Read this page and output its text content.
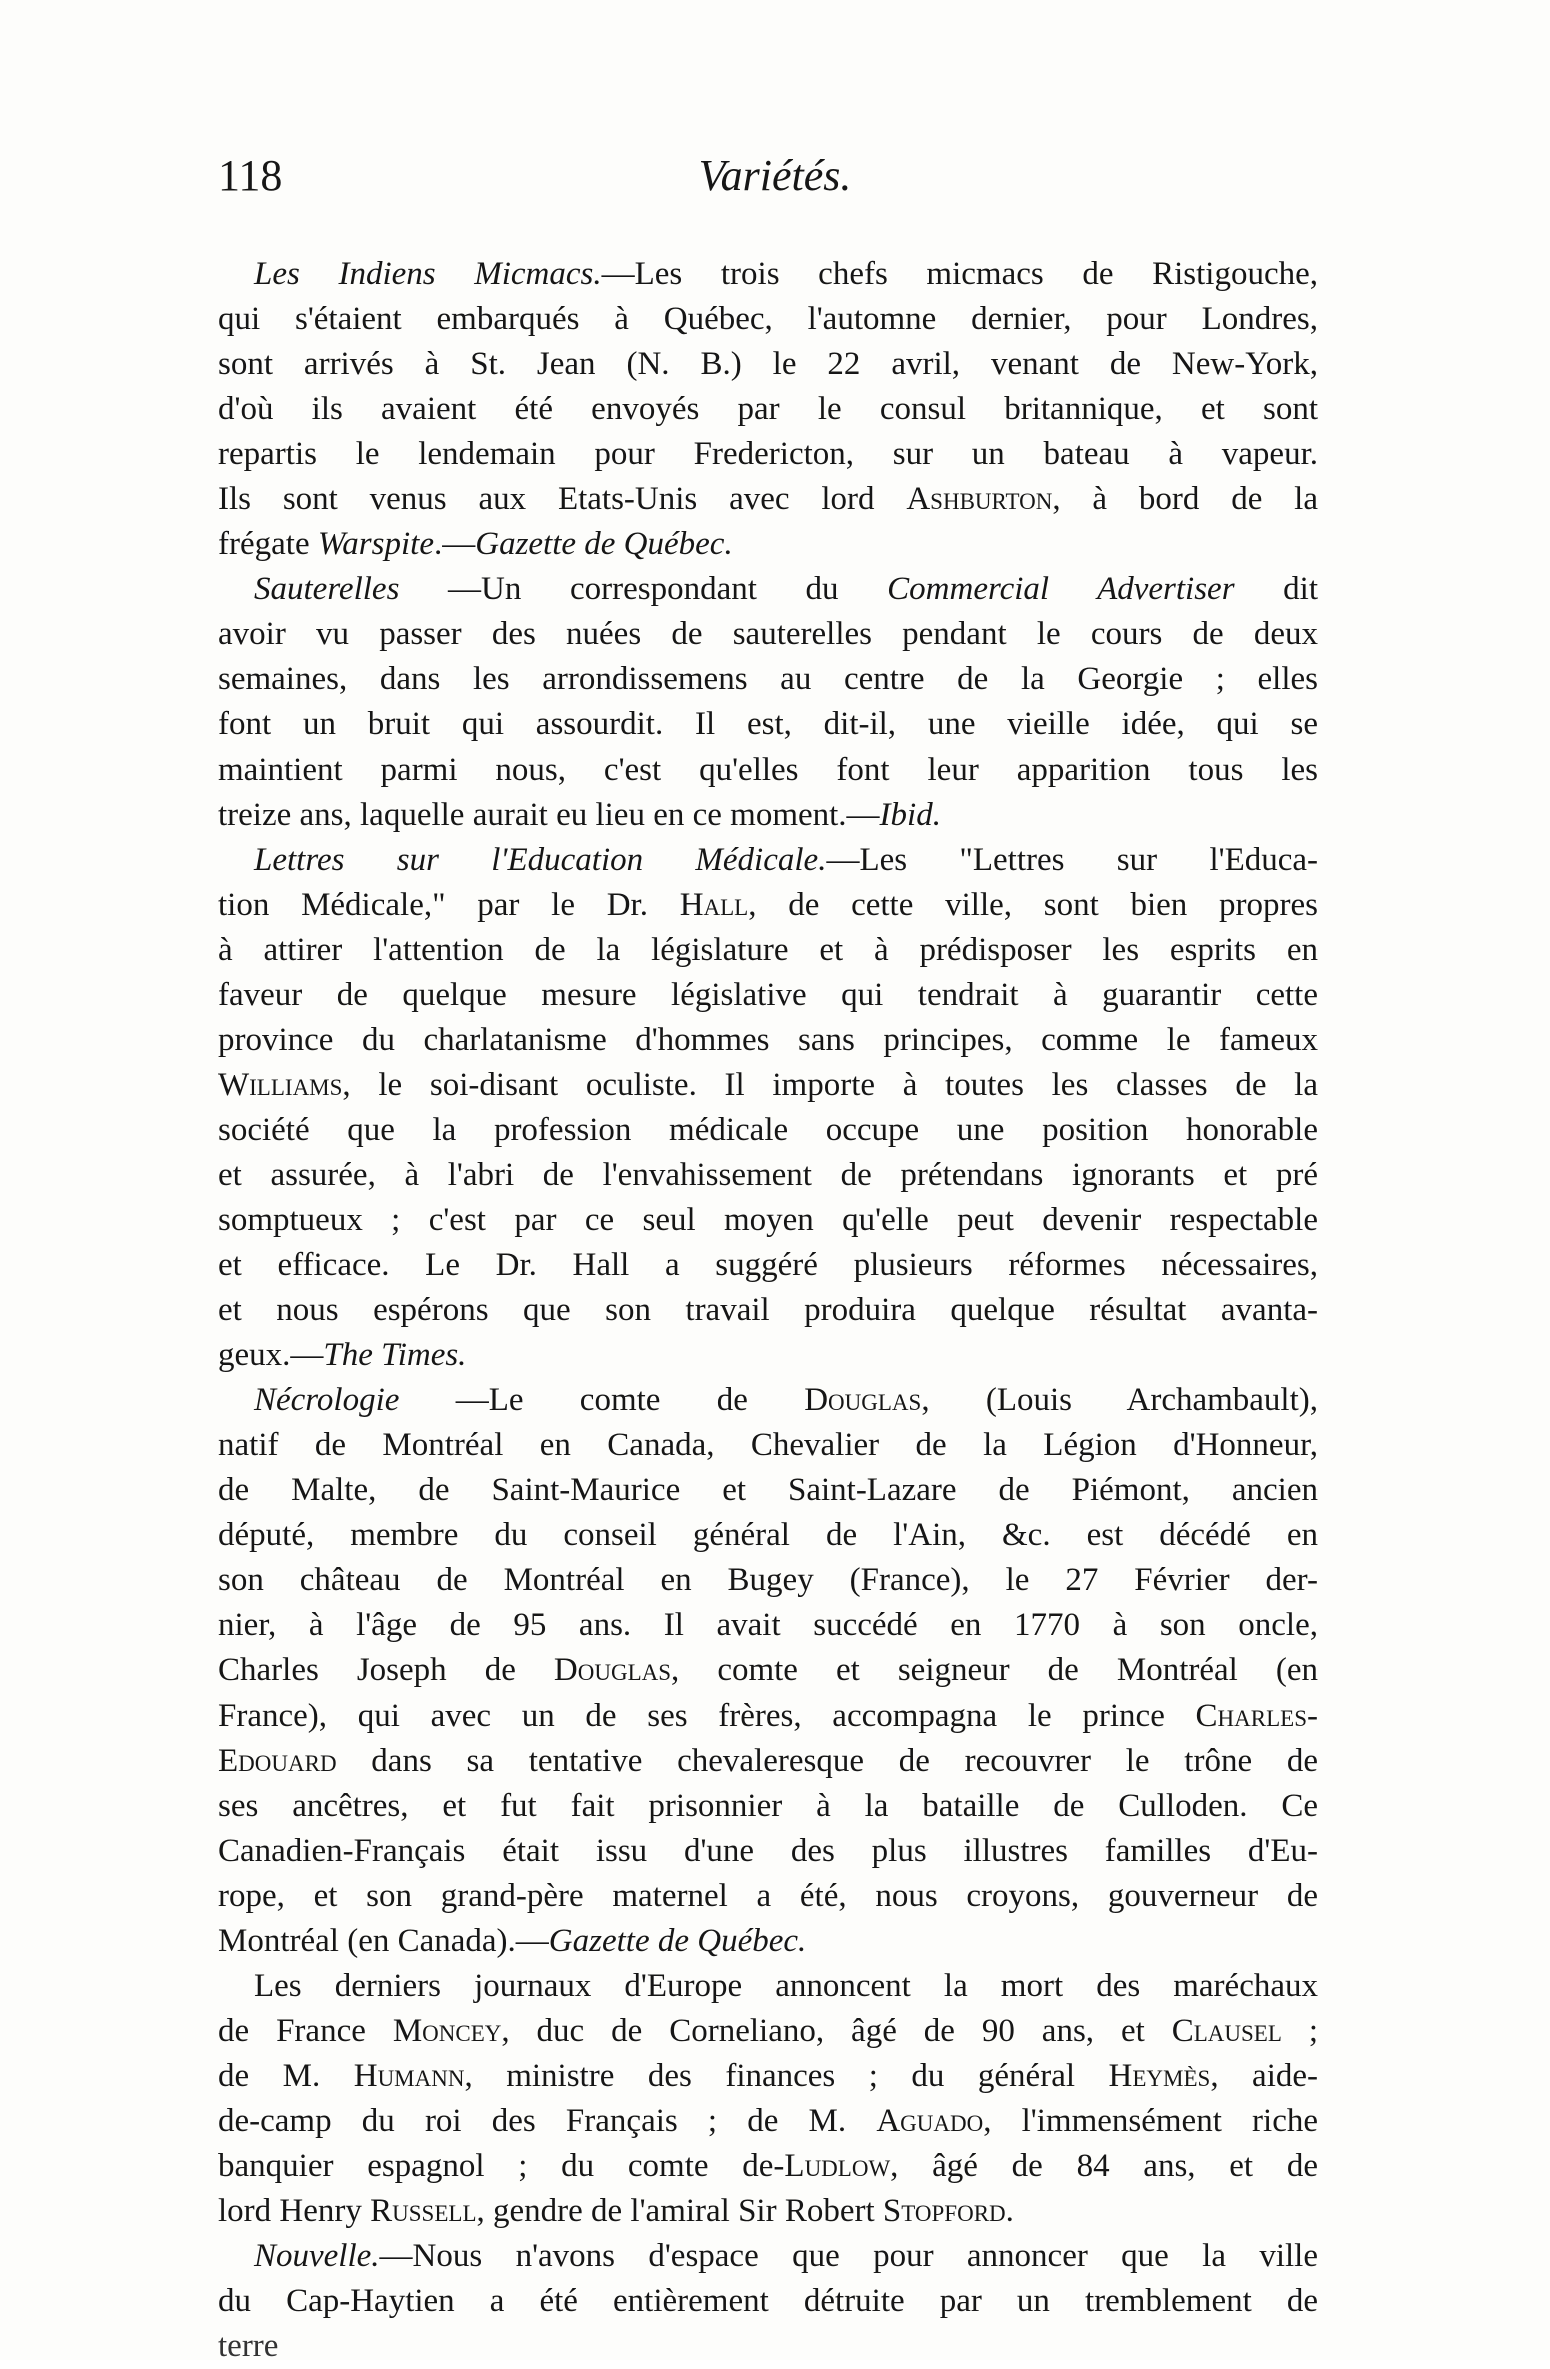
118	Variétés.
Les Indiens Micmacs.—Les trois chefs micmacs de Ristigouche,
qui s'étaient embarqués à Québec, l'automne dernier, pour Londres,
sont arrivés à St. Jean (N. B.) le 22 avril, venant de New-York,
d'où ils avaient été envoyés par le consul britannique, et sont
repartis le lendemain pour Fredericton, sur un bateau à vapeur.
Ils sont venus aux Etats-Unis avec lord Ashburton, à bord de la
frégate Warspite.—Gazette de Québec.
Sauterelles —Un correspondant du Commercial Advertiser dit
avoir vu passer des nuées de sauterelles pendant le cours de deux
semaines, dans les arrondissemens au centre de la Georgie ; elles
font un bruit qui assourdit. Il est, dit-il, une vieille idée, qui se
maintient parmi nous, c'est qu'elles font leur apparition tous les
treize ans, laquelle aurait eu lieu en ce moment.—Ibid.
Lettres sur l'Education Médicale.—Les "Lettres sur l'Educa-
tion Médicale," par le Dr. Hall, de cette ville, sont bien propres
à attirer l'attention de la législature et à prédisposer les esprits en
faveur de quelque mesure législative qui tendrait à guarantir cette
province du charlatanisme d'hommes sans principes, comme le fameux
Williams, le soi-disant oculiste. Il importe à toutes les classes de la
société que la profession médicale occupe une position honorable
et assurée, à l'abri de l'envahissement de prétendans ignorants et pré
somptueux ; c'est par ce seul moyen qu'elle peut devenir respectable
et efficace. Le Dr. Hall a suggéré plusieurs réformes nécessaires,
et nous espérons que son travail produira quelque résultat avanta-
geux.—The Times.
Nécrologie —Le comte de Douglas, (Louis Archambault),
natif de Montréal en Canada, Chevalier de la Légion d'Honneur,
de Malte, de Saint-Maurice et Saint-Lazare de Piémont, ancien
député, membre du conseil général de l'Ain, &c. est décédé en
son château de Montréal en Bugey (France), le 27 Février der-
nier, à l'âge de 95 ans. Il avait succédé en 1770 à son oncle,
Charles Joseph de Douglas, comte et seigneur de Montréal (en
France), qui avec un de ses frères, accompagna le prince Charles-
Edouard dans sa tentative chevaleresque de recouvrer le trône de
ses ancêtres, et fut fait prisonnier à la bataille de Culloden. Ce
Canadien-Français était issu d'une des plus illustres familles d'Eu-
rope, et son grand-père maternel a été, nous croyons, gouverneur de
Montréal (en Canada).—Gazette de Québec.
Les derniers journaux d'Europe annoncent la mort des maréchaux
de France Moncey, duc de Corneliano, âgé de 90 ans, et Clausel ;
de M. Humann, ministre des finances ; du général Heymès, aide-
de-camp du roi des Français ; de M. Aguado, l'immensément riche
banquier espagnol ; du comte de-Ludlow, âgé de 84 ans, et de
lord Henry Russell, gendre de l'amiral Sir Robert Stopford.
Nouvelle.—Nous n'avons d'espace que pour annoncer que la ville
du Cap-Haytien a été entièrement détruite par un tremblement de
terre
